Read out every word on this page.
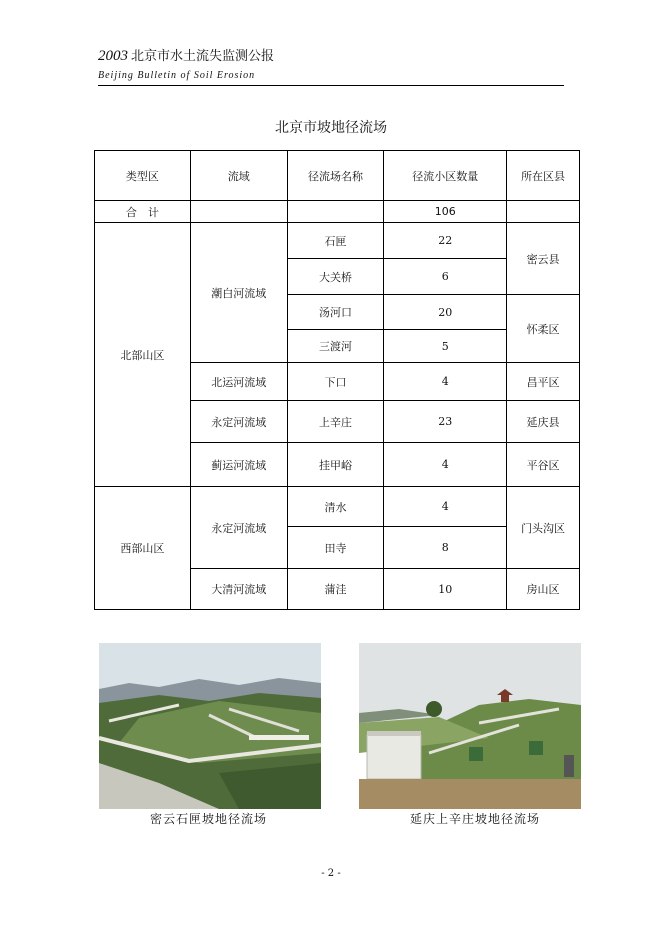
2003 北京市水土流失监测公报
Beijing Bulletin of Soil Erosion
北京市坡地径流场
类型区	流域	径流场名称	径流小区数量	所在区县
合　计			106	
北部山区	潮白河流域	石匣	22	密云县
		大关桥	6	
		汤河口	20	怀柔区
		三渡河	5	
	北运河流域	下口	4	昌平区
	永定河流域	上辛庄	23	延庆县
	蓟运河流域	挂甲峪	4	平谷区
西部山区	永定河流域	清水	4	门头沟区
		田寺	8	
	大清河流域	蒲洼	10	房山区
密云石匣坡地径流场	延庆上辛庄坡地径流场
- 2 -
